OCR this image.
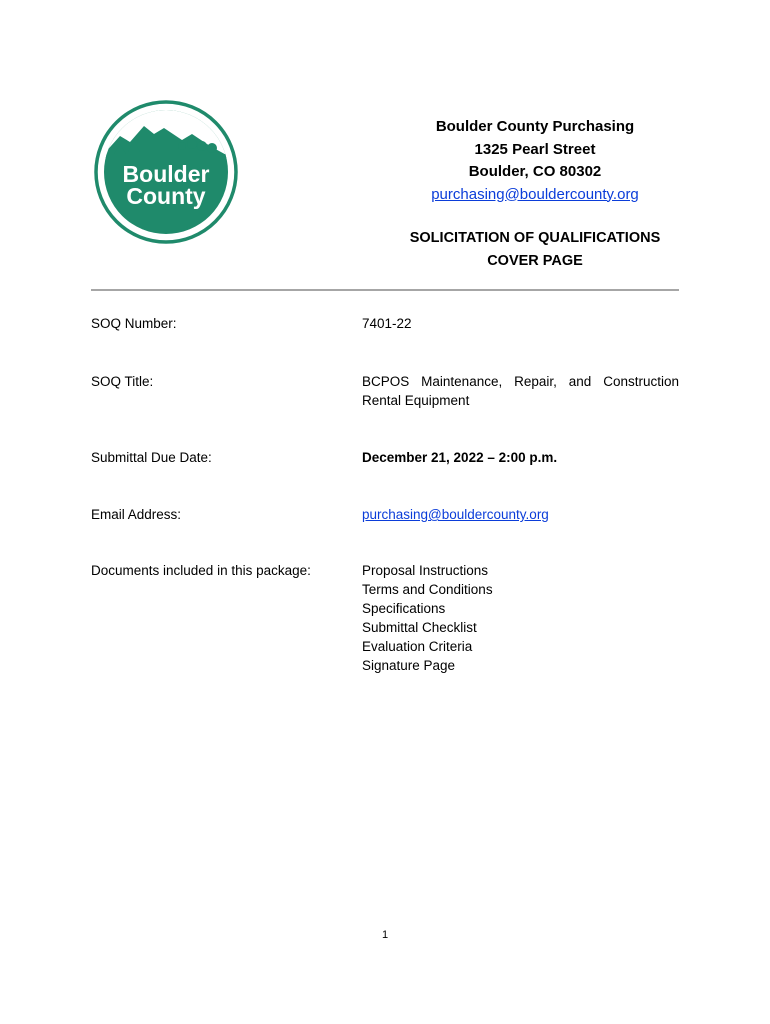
Boulder
County
Boulder County Purchasing
1325 Pearl Street
Boulder, CO 80302
purchasing@bouldercounty.org
SOLICITATION OF QUALIFICATIONS
COVER PAGE
SOQ Number:	7401-22
SOQ Title:	BCPOS Maintenance, Repair, and Construction Rental Equipment
Submittal Due Date:	December 21, 2022 – 2:00 p.m.
Email Address:	purchasing@bouldercounty.org
Documents included in this package:	Proposal Instructions
Terms and Conditions
Specifications
Submittal Checklist
Evaluation Criteria
Signature Page
1
